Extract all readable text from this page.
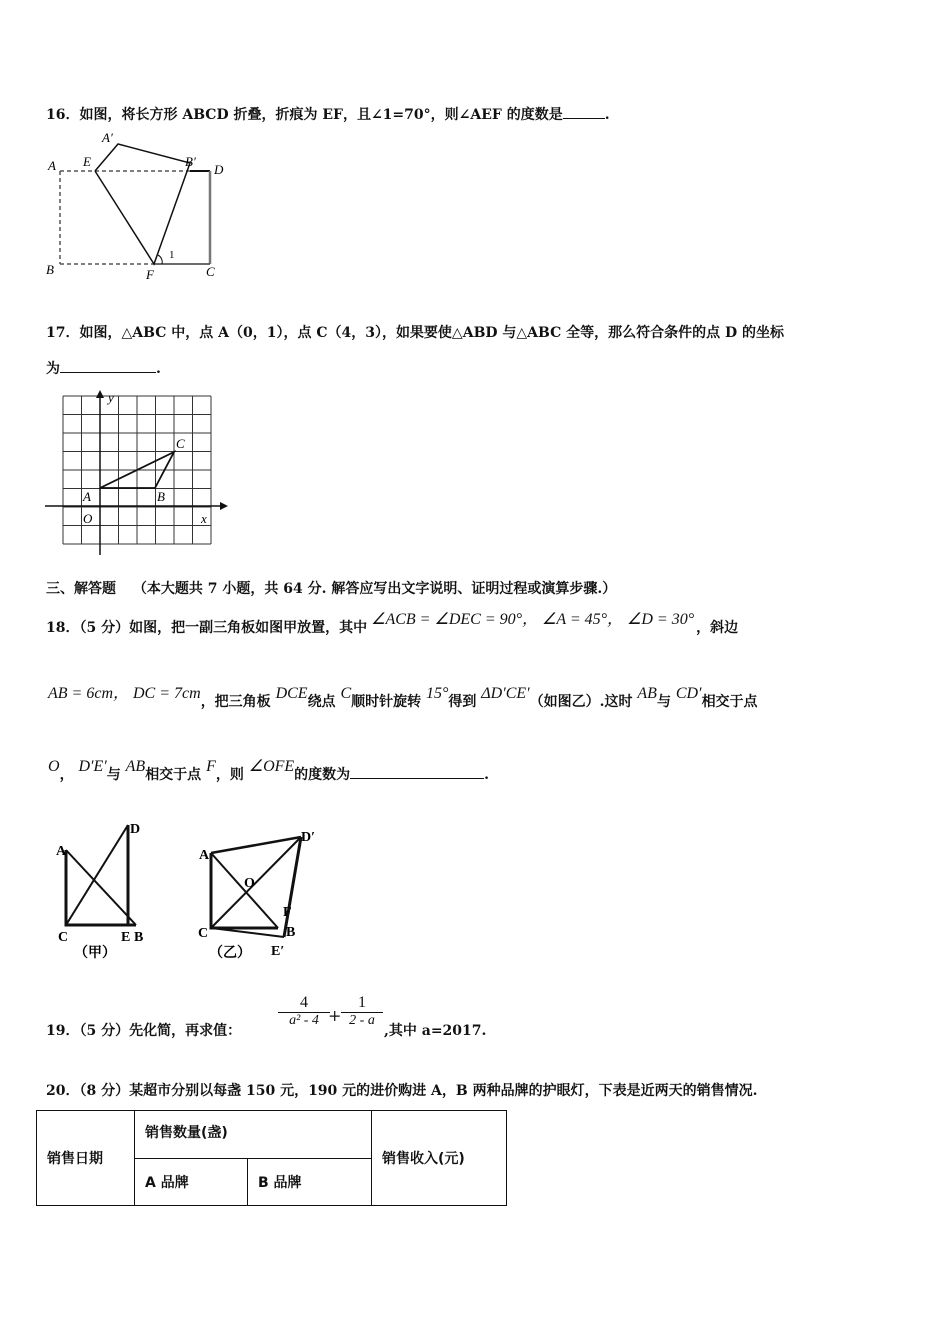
16．如图，将长方形 ABCD 折叠，折痕为 EF，且∠1=70°，则∠AEF 的度数是	.
A
A′
E	B′
D
B	F	C
1
17．如图，△ABC 中，点 A（0，1），点 C（4，3），如果要使△ABD 与△ABC 全等，那么符合条件的点 D 的坐标
为	.
y
x
O
A	B
C
三、解答题 （本大题共 7 小题，共 64 分. 解答应写出文字说明、证明过程或演算步骤.）
18．（5 分）如图，把一副三角板如图甲放置，其中 ∠ACB = ∠DEC = 90°， ∠A = 45°， ∠D = 30° ，斜边
AB = 6cm， DC = 7cm，把三角板 DCE绕点 C顺时针旋转 15°得到 ΔD′CE′（如图乙）.这时 AB与 CD′相交于点
O， D′E′与 AB相交于点 F，则 ∠OFE的度数为	.
A
D
C	E B
（甲）
A
D′
O
F
C	B
E′
（乙）
19．（5 分）先化简，再求值：
4
a² - 4 +
1
2 - a
,其中 a=2017.
20．（8 分）某超市分别以每盏 150 元，190 元的进价购进 A，B 两种品牌的护眼灯，下表是近两天的销售情况.
销售日期	销售数量(盏)		销售收入(元)
	A 品牌	B 品牌	
